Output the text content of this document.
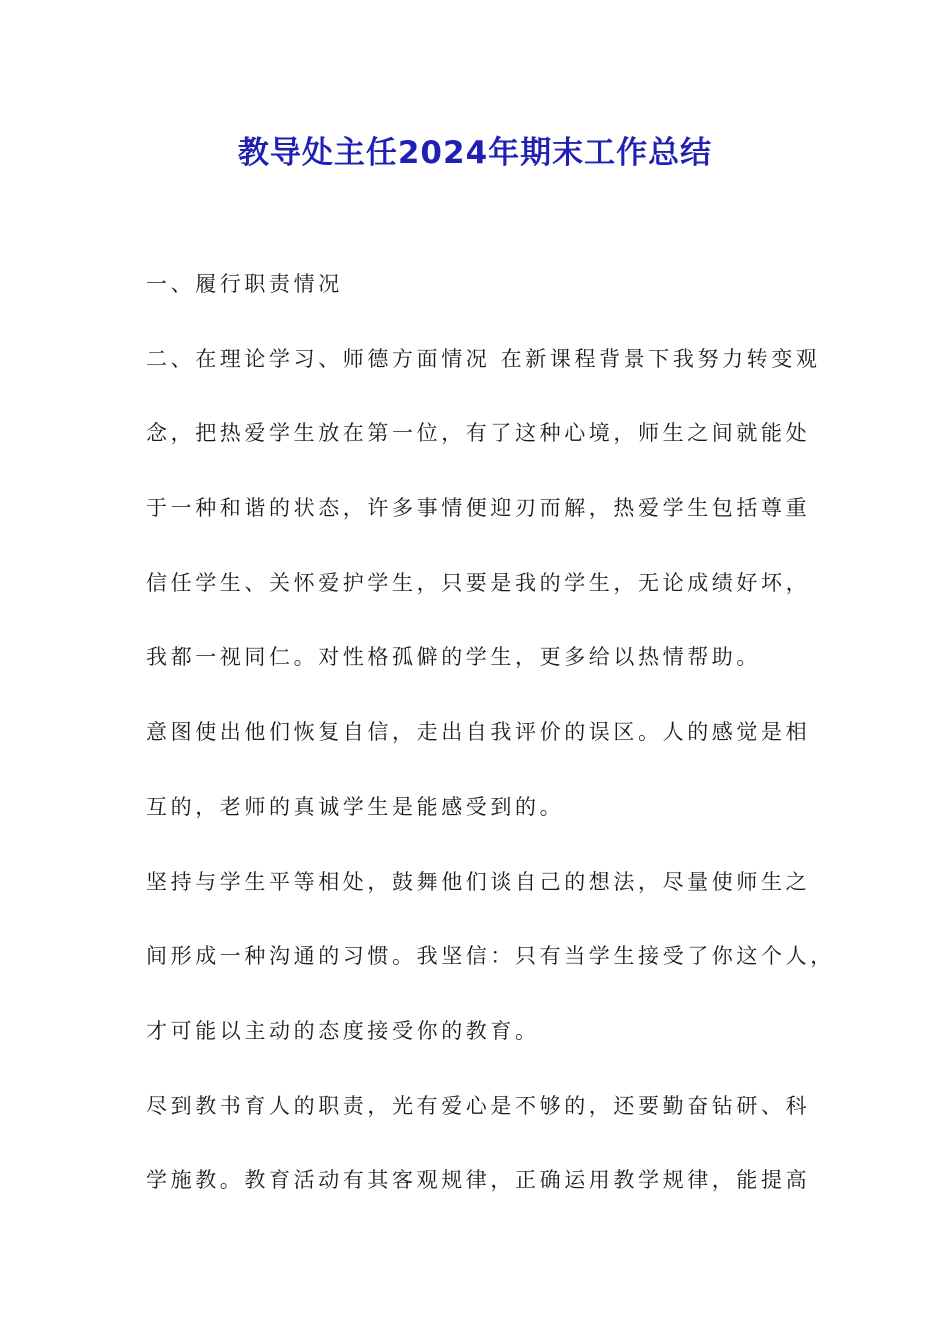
教导处主任2024年期末工作总结
一、履行职责情况
二、在理论学习、师德方面情况 在新课程背景下我努力转变观
念，把热爱学生放在第一位，有了这种心境，师生之间就能处
于一种和谐的状态，许多事情便迎刃而解，热爱学生包括尊重
信任学生、关怀爱护学生，只要是我的学生，无论成绩好坏，
我都一视同仁。对性格孤僻的学生，更多给以热情帮助。
意图使出他们恢复自信，走出自我评价的误区。人的感觉是相
互的，老师的真诚学生是能感受到的。
坚持与学生平等相处，鼓舞他们谈自己的想法，尽量使师生之
间形成一种沟通的习惯。我坚信：只有当学生接受了你这个人，
才可能以主动的态度接受你的教育。
尽到教书育人的职责，光有爱心是不够的，还要勤奋钻研、科
学施教。教育活动有其客观规律，正确运用教学规律，能提高
